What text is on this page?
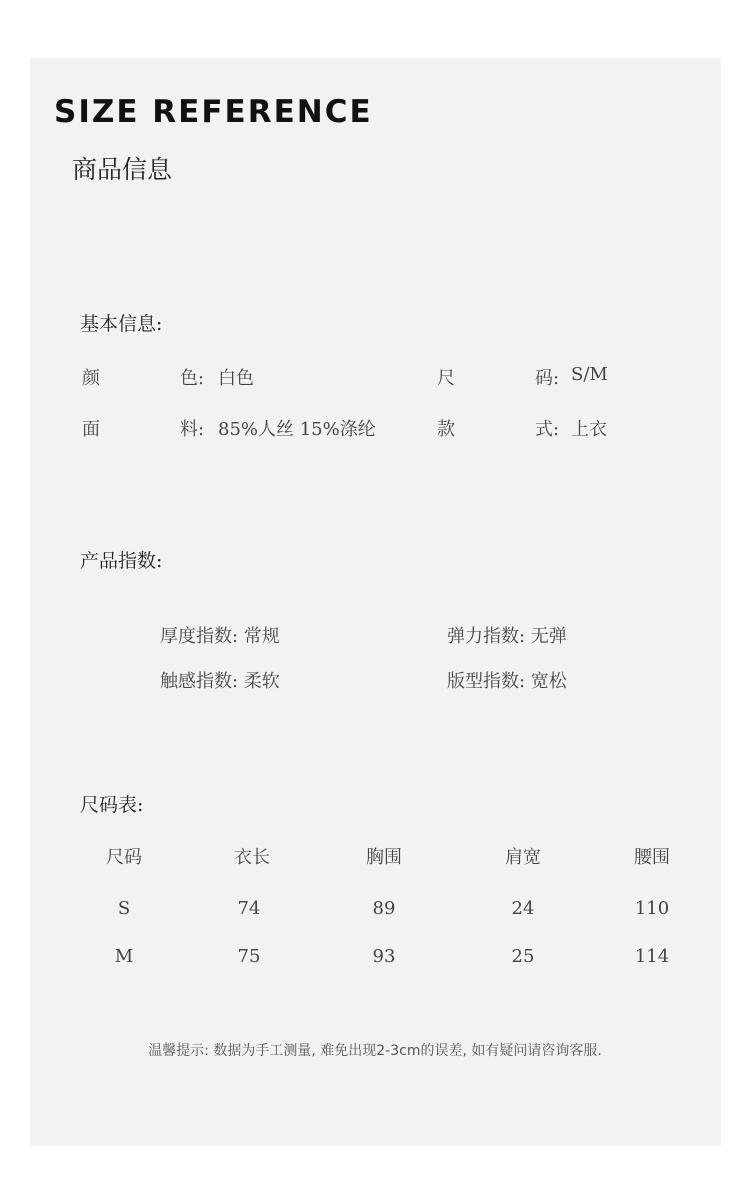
SIZE REFERENCE
商品信息
基本信息:
颜	色: 白色	尺	码: S/M
面	料: 85%人丝 15%涤纶	款	式: 上衣
产品指数:
厚度指数: 常规	弹力指数: 无弹
触感指数: 柔软	版型指数: 宽松
尺码表:
尺码	衣长	胸围	肩宽	腰围
S	74	89	24	110
M	75	93	25	114
温馨提示: 数据为手工测量, 难免出现2-3cm的误差, 如有疑问请咨询客服.
